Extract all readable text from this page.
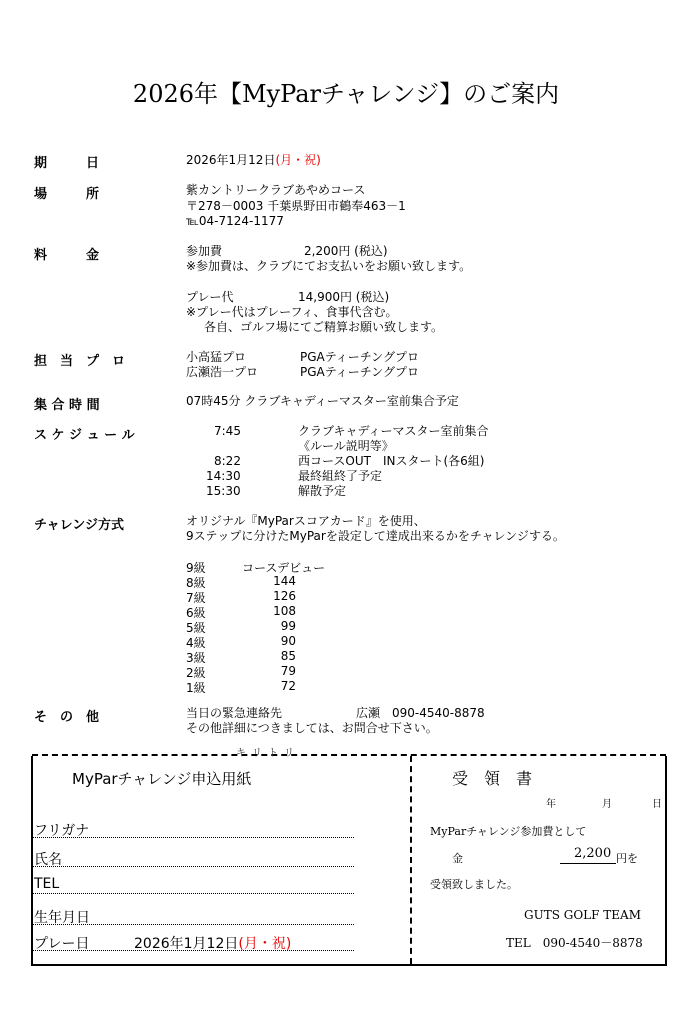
2026年【MyParチャレンジ】のご案内
期　　　日	2026年1月12日(月・祝)
場　　　所	紫カントリークラブあやめコース
〒278－0003 千葉県野田市鶴奉463－1
℡04-7124-1177
料　　　金	参加費	2,200円 (税込)
※参加費は、クラブにてお支払いをお願い致します。
プレー代	14,900円 (税込)
※プレー代はプレーフィ、食事代含む。
各自、ゴルフ場にてご精算お願い致します。
担　当　プ　ロ	小高猛プロ	PGAティーチングプロ
広瀬浩一プロ	PGAティーチングプロ
集 合 時 間	07時45分 クラブキャディーマスター室前集合予定
ス ケ ジ ュ ー ル	7:45	クラブキャディーマスター室前集合
《ルール説明等》
8:22	西コースOUT　INスタート(各6組)
14:30	最終組終了予定
15:30	解散予定
チャレンジ方式	オリジナル『MyParスコアカード』を使用、
9ステップに分けたMyParを設定して達成出来るかをチャレンジする。
9級	コースデビュー
8級	144
7級	126
6級	108
5級	99
4級	90
3級	85
2級	79
1級	72
そ　の　他	当日の緊急連絡先	広瀬 090-4540-8878
その他詳細につきましては、お問合せ下さい。
キリトリ
MyParチャレンジ申込用紙
フリガナ
氏名
TEL
生年月日
プレー日	2026年1月12日(月・祝)
受　領　書
年	月	日
MyParチャレンジ参加費として
金	2,200 円を
受領致しました。
GUTS GOLF TEAM
TEL　090-4540－8878
